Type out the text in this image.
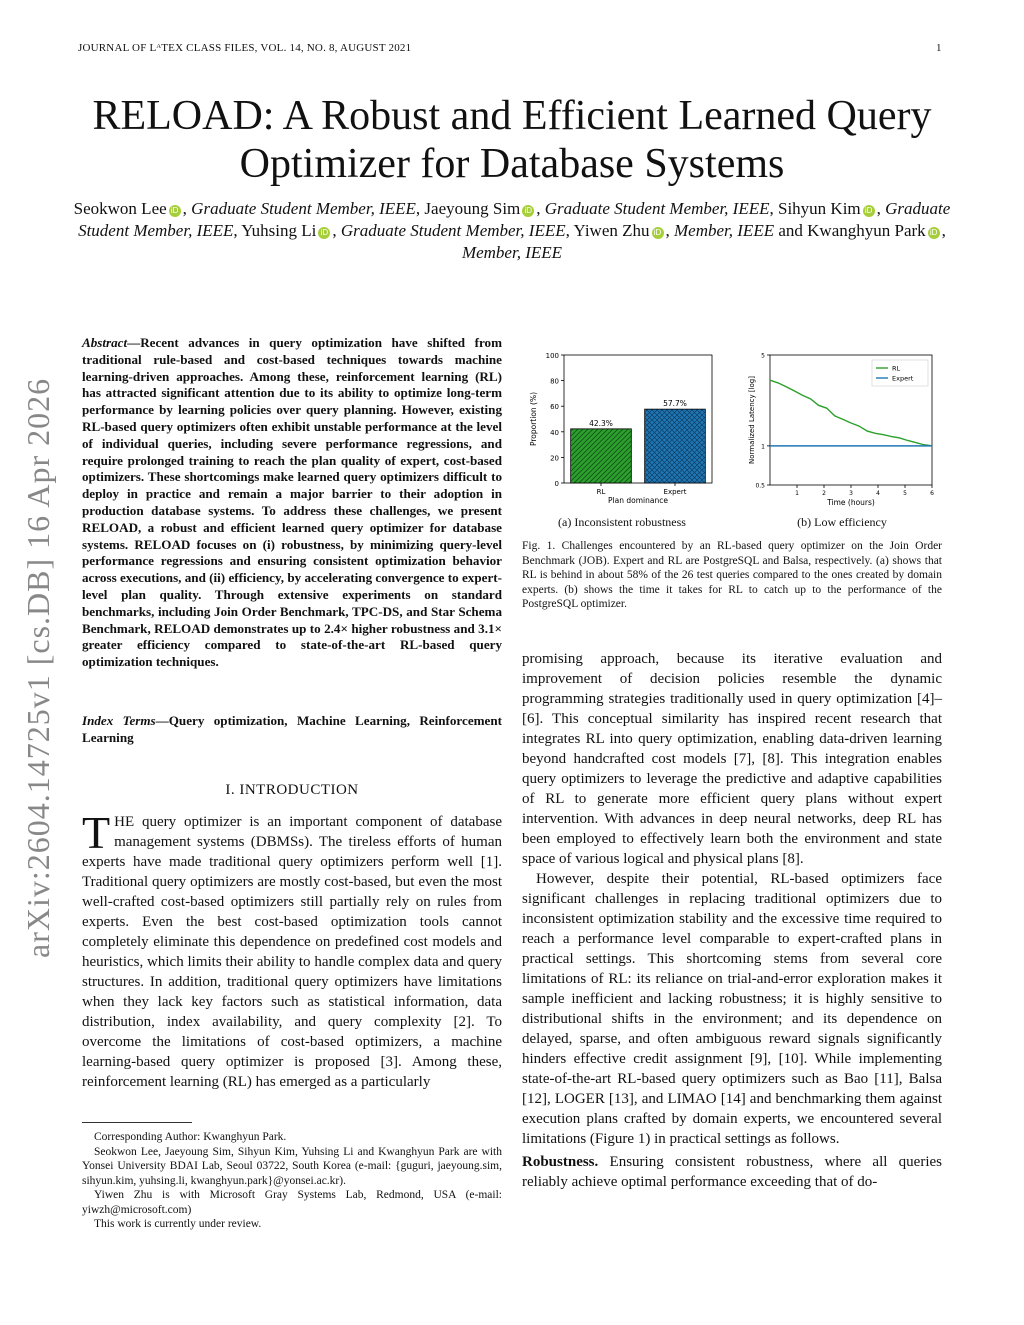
JOURNAL OF LᴬTEX CLASS FILES, VOL. 14, NO. 8, AUGUST 2021	1
RELOAD: A Robust and Efficient Learned Query Optimizer for Database Systems
Seokwon Lee iD , Graduate Student Member, IEEE, Jaeyoung Sim iD , Graduate Student Member, IEEE, Sihyun Kim iD , Graduate Student Member, IEEE, Yuhsing Li iD , Graduate Student Member, IEEE, Yiwen Zhu iD , Member, IEEE and Kwanghyun Park iD , Member, IEEE
arXiv:2604.14725v1 [cs.DB] 16 Apr 2026
Abstract—Recent advances in query optimization have shifted from traditional rule-based and cost-based techniques towards machine learning-driven approaches. Among these, reinforcement learning (RL) has attracted significant attention due to its ability to optimize long-term performance by learning policies over query planning. However, existing RL-based query optimizers often exhibit unstable performance at the level of individual queries, including severe performance regressions, and require prolonged training to reach the plan quality of expert, cost-based optimizers. These shortcomings make learned query optimizers difficult to deploy in practice and remain a major barrier to their adoption in production database systems. To address these challenges, we present RELOAD, a robust and efficient learned query optimizer for database systems. RELOAD focuses on (i) robustness, by minimizing query-level performance regressions and ensuring consistent optimization behavior across executions, and (ii) efficiency, by accelerating convergence to expert-level plan quality. Through extensive experiments on standard benchmarks, including Join Order Benchmark, TPC-DS, and Star Schema Benchmark, RELOAD demonstrates up to 2.4× higher robustness and 3.1× greater efficiency compared to state-of-the-art RL-based query optimization techniques.
Index Terms—Query optimization, Machine Learning, Reinforcement Learning
I. INTRODUCTION
THE query optimizer is an important component of database management systems (DBMSs). The tireless efforts of human experts have made traditional query optimizers perform well [1]. Traditional query optimizers are mostly cost-based, but even the most well-crafted cost-based optimizers still partially rely on rules from experts. Even the best cost-based optimization tools cannot completely eliminate this dependence on predefined cost models and heuristics, which limits their ability to handle complex data and query structures. In addition, traditional query optimizers have limitations when they lack key factors such as statistical information, data distribution, index availability, and query complexity [2]. To overcome the limitations of cost-based optimizers, a machine learning-based query optimizer is proposed [3]. Among these, reinforcement learning (RL) has emerged as a particularly

Corresponding Author: Kwanghyun Park.

Seokwon Lee, Jaeyoung Sim, Sihyun Kim, Yuhsing Li and Kwanghyun Park are with Yonsei University BDAI Lab, Seoul 03722, South Korea (e-mail: {guguri, jaeyoung.sim, sihyun.kim, yuhsing.li, kwanghyun.park}@yonsei.ac.kr).

Yiwen Zhu is with Microsoft Gray Systems Lab, Redmond, USA (e-mail: yiwzh@microsoft.com)

This work is currently under review.

0
20
40
60
80
100
42.3%
RL
57.7%
Expert
Plan dominance
Proportion (%)
(a) Inconsistent robustness
0.5
1
5
1	2	3	4	5	6
RL
Expert
Time (hours)
Normalized Latency [log]
(b) Low efficiency
Fig. 1. Challenges encountered by an RL-based query optimizer on the Join Order Benchmark (JOB). Expert and RL are PostgreSQL and Balsa, respectively. (a) shows that RL is behind in about 58% of the 26 test queries compared to the ones created by domain experts. (b) shows the time it takes for RL to catch up to the performance of the PostgreSQL optimizer.

promising approach, because its iterative evaluation and improvement of decision policies resemble the dynamic programming strategies traditionally used in query optimization [4]–[6]. This conceptual similarity has inspired recent research that integrates RL into query optimization, enabling data-driven learning beyond handcrafted cost models [7], [8]. This integration enables query optimizers to leverage the predictive and adaptive capabilities of RL to generate more efficient query plans without expert intervention. With advances in deep neural networks, deep RL has been employed to effectively learn both the environment and state space of various logical and physical plans [8].

However, despite their potential, RL-based optimizers face significant challenges in replacing traditional optimizers due to inconsistent optimization stability and the excessive time required to reach a performance level comparable to expert-crafted plans in practical settings. This shortcoming stems from several core limitations of RL: its reliance on trial-and-error exploration makes it sample inefficient and lacking robustness; it is highly sensitive to distributional shifts in the environment; and its dependence on delayed, sparse, and often ambiguous reward signals significantly hinders effective credit assignment [9], [10]. While implementing state-of-the-art RL-based query optimizers such as Bao [11], Balsa [12], LOGER [13], and LIMAO [14] and benchmarking them against execution plans crafted by domain experts, we encountered several limitations (Figure 1) in practical settings as follows.

Robustness. Ensuring consistent robustness, where all queries reliably achieve optimal performance exceeding that of do-
